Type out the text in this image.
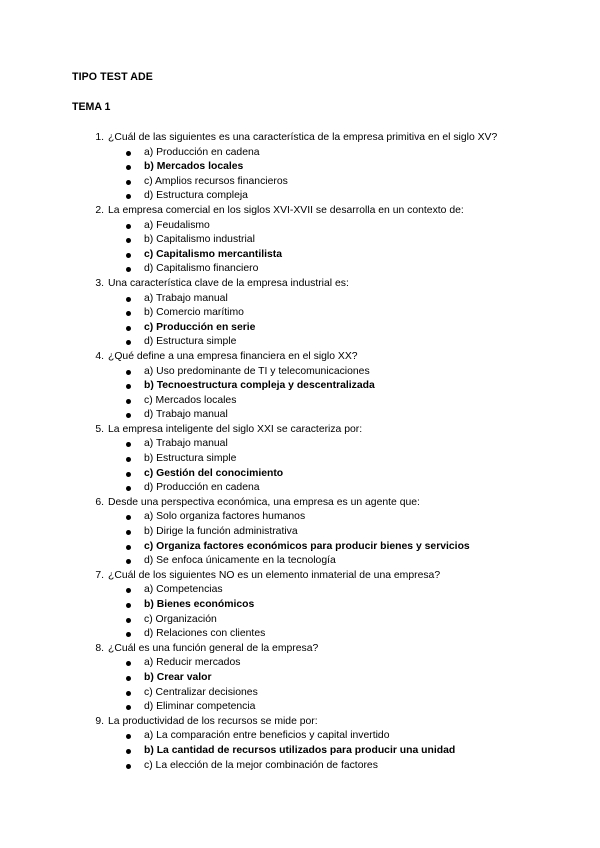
TIPO TEST ADE
TEMA 1
1. ¿Cuál de las siguientes es una característica de la empresa primitiva en el siglo XV?
a) Producción en cadena
b) Mercados locales
c) Amplios recursos financieros
d) Estructura compleja
2. La empresa comercial en los siglos XVI-XVII se desarrolla en un contexto de:
a) Feudalismo
b) Capitalismo industrial
c) Capitalismo mercantilista
d) Capitalismo financiero
3. Una característica clave de la empresa industrial es:
a) Trabajo manual
b) Comercio marítimo
c) Producción en serie
d) Estructura simple
4. ¿Qué define a una empresa financiera en el siglo XX?
a) Uso predominante de TI y telecomunicaciones
b) Tecnoestructura compleja y descentralizada
c) Mercados locales
d) Trabajo manual
5. La empresa inteligente del siglo XXI se caracteriza por:
a) Trabajo manual
b) Estructura simple
c) Gestión del conocimiento
d) Producción en cadena
6. Desde una perspectiva económica, una empresa es un agente que:
a) Solo organiza factores humanos
b) Dirige la función administrativa
c) Organiza factores económicos para producir bienes y servicios
d) Se enfoca únicamente en la tecnología
7. ¿Cuál de los siguientes NO es un elemento inmaterial de una empresa?
a) Competencias
b) Bienes económicos
c) Organización
d) Relaciones con clientes
8. ¿Cuál es una función general de la empresa?
a) Reducir mercados
b) Crear valor
c) Centralizar decisiones
d) Eliminar competencia
9. La productividad de los recursos se mide por:
a) La comparación entre beneficios y capital invertido
b) La cantidad de recursos utilizados para producir una unidad
c) La elección de la mejor combinación de factores
